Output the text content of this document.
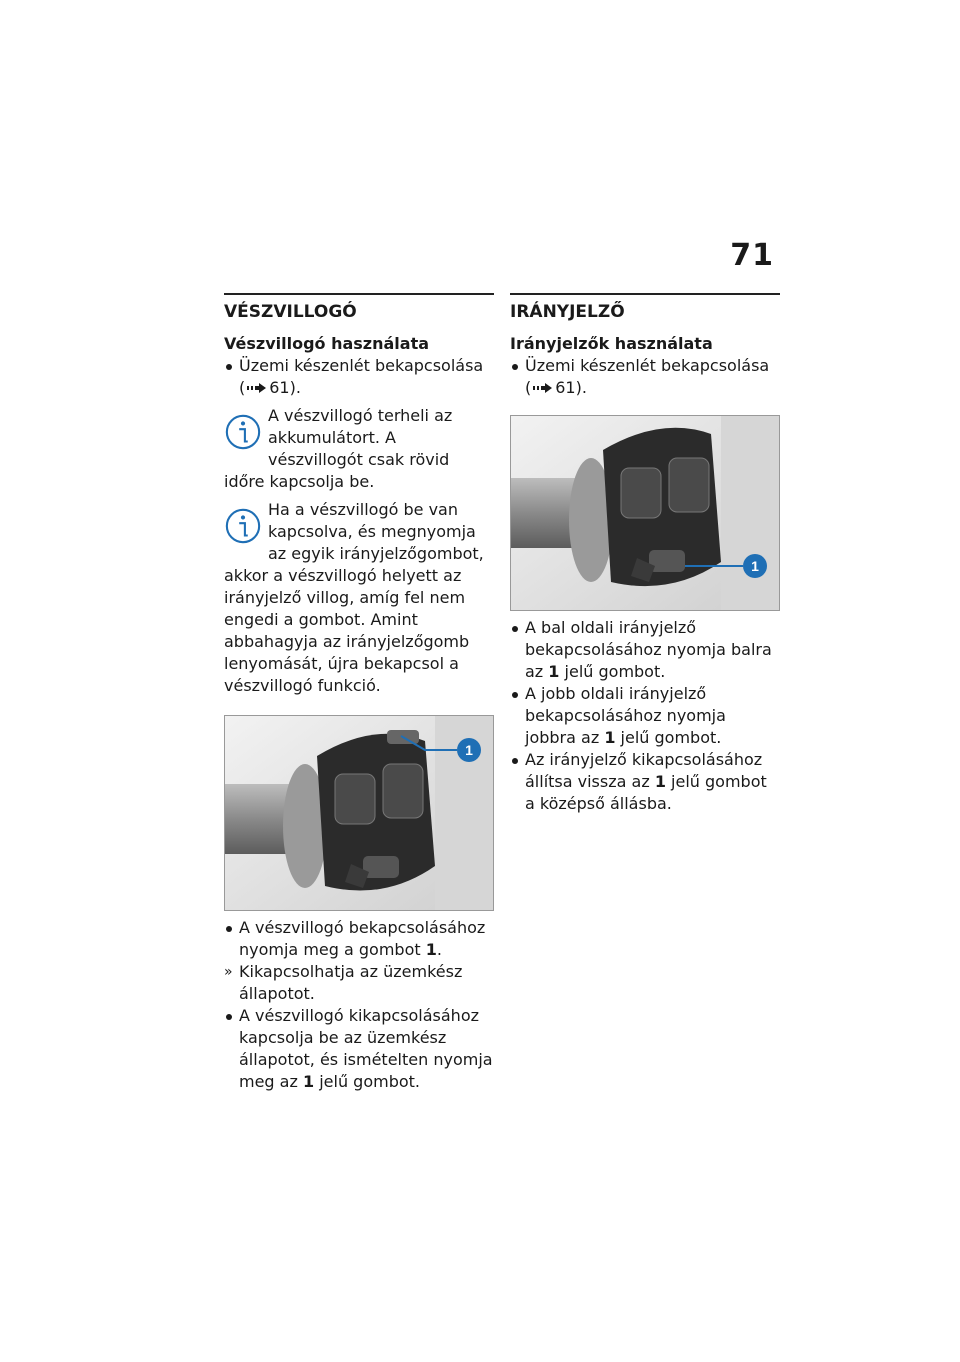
71
VÉSZVILLOGÓ
Vészvillogó használata
Üzemi készenlét bekapcsolása
( 61).
A vészvillogó terheli az akkumulátort. A vészvillogót csak rövid időre kapcsolja be.
Ha a vészvillogó be van kapcsolva, és megnyomja az egyik irányjelzőgombot, akkor a vészvillogó helyett az irányjelző villog, amíg fel nem engedi a gombot. Amint abbahagyja az irányjelzőgomb lenyomását, újra bekapcsol a vészvillogó funkció.
1
A vészvillogó bekapcsolásához nyomja meg a gombot 1.
» Kikapcsolhatja az üzemkész állapotot.
A vészvillogó kikapcsolásához kapcsolja be az üzemkész állapotot, és ismételten nyomja meg az 1 jelű gombot.
IRÁNYJELZŐ
Irányjelzők használata
Üzemi készenlét bekapcsolása
( 61).
1
A bal oldali irányjelző bekapcsolásához nyomja balra az 1 jelű gombot.
A jobb oldali irányjelző bekapcsolásához nyomja jobbra az 1 jelű gombot.
Az irányjelző kikapcsolásához állítsa vissza az 1 jelű gombot a középső állásba.
